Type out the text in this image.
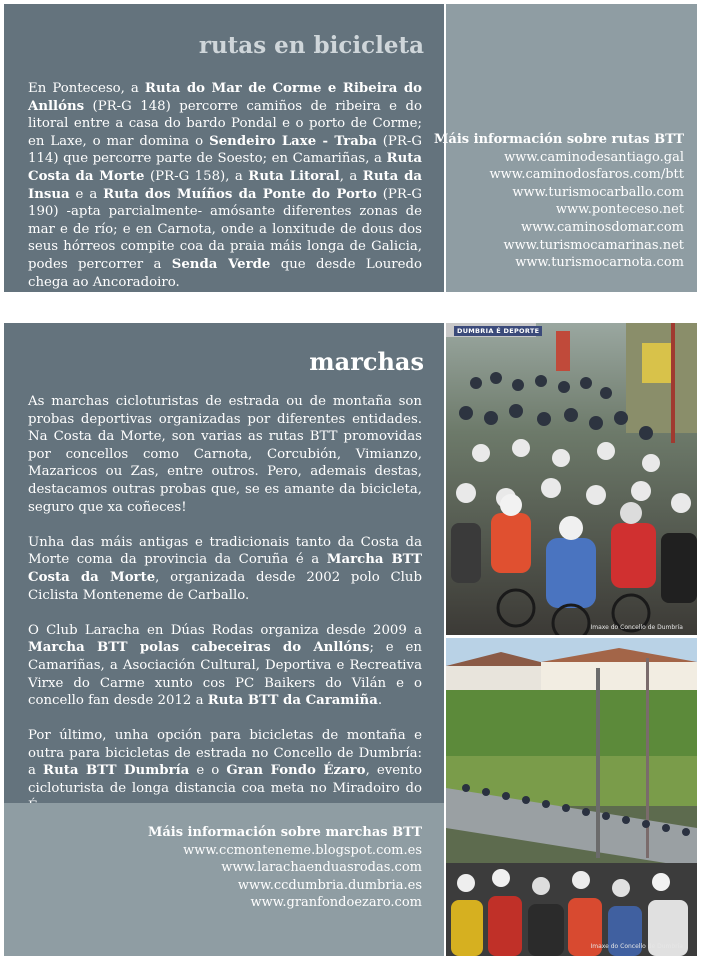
rutas en bicicleta

En Ponteceso, a Ruta do Mar de Corme e Ribeira do Anllóns (PR-G 148) percorre camiños de ribeira e do litoral entre a casa do bardo Pondal e o porto de Corme; en Laxe, o mar domina o Sendeiro Laxe - Traba (PR-G 114) que percorre parte de Soesto; en Camariñas, a Ruta Costa da Morte (PR-G 158), a Ruta Litoral, a Ruta da Insua e a Ruta dos Muíños da Ponte do Porto (PR-G 190) -apta parcialmente- amósante diferentes zonas de mar e de río; e en Carnota, onde a lonxitude de dous dos seus hórreos compite coa da praia máis longa de Galicia, podes percorrer a Senda Verde que desde Louredo chega ao Ancoradoiro.

Máis información sobre rutas BTT
www.caminodesantiago.gal
www.caminodosfaros.com/btt
www.turismocarballo.com
www.ponteceso.net
www.caminosdomar.com
www.turismocamarinas.net
www.turismocarnota.com
marchas

As marchas cicloturistas de estrada ou de montaña son probas deportivas organizadas por diferentes entidades. Na Costa da Morte, son varias as rutas BTT promovidas por concellos como Carnota, Corcubión, Vimianzo, Mazaricos ou Zas, entre outros. Pero, ademais destas, destacamos outras probas que, se es amante da bicicleta, seguro que xa coñeces!

Unha das máis antigas e tradicionais tanto da Costa da Morte coma da provincia da Coruña é a Marcha BTT Costa da Morte, organizada desde 2002 polo Club Ciclista Monteneme de Carballo.

O Club Laracha en Dúas Rodas organiza desde 2009 a Marcha BTT polas cabeceiras do Anllóns; e en Camariñas, a Asociación Cultural, Deportiva e Recreativa Virxe do Carme xunto cos PC Baikers do Vilán e o concello fan desde 2012 a Ruta BTT da Caramiña.

Por último, unha opción para bicicletas de montaña e outra para bicicletas de estrada no Concello de Dumbría: a Ruta BTT Dumbría e o Gran Fondo Ézaro, evento cicloturista de longa distancia coa meta no Miradoiro do

Máis información sobre marchas BTT
www.ccmonteneme.blogspot.com.es
www.larachaenduasrodas.com
www.ccdumbria.dumbria.es
www.granfondoezaro.com
DUMBRIA É DEPORTE
Imaxe do Concello de Dumbría
Imaxe do Concello de Dumbría
